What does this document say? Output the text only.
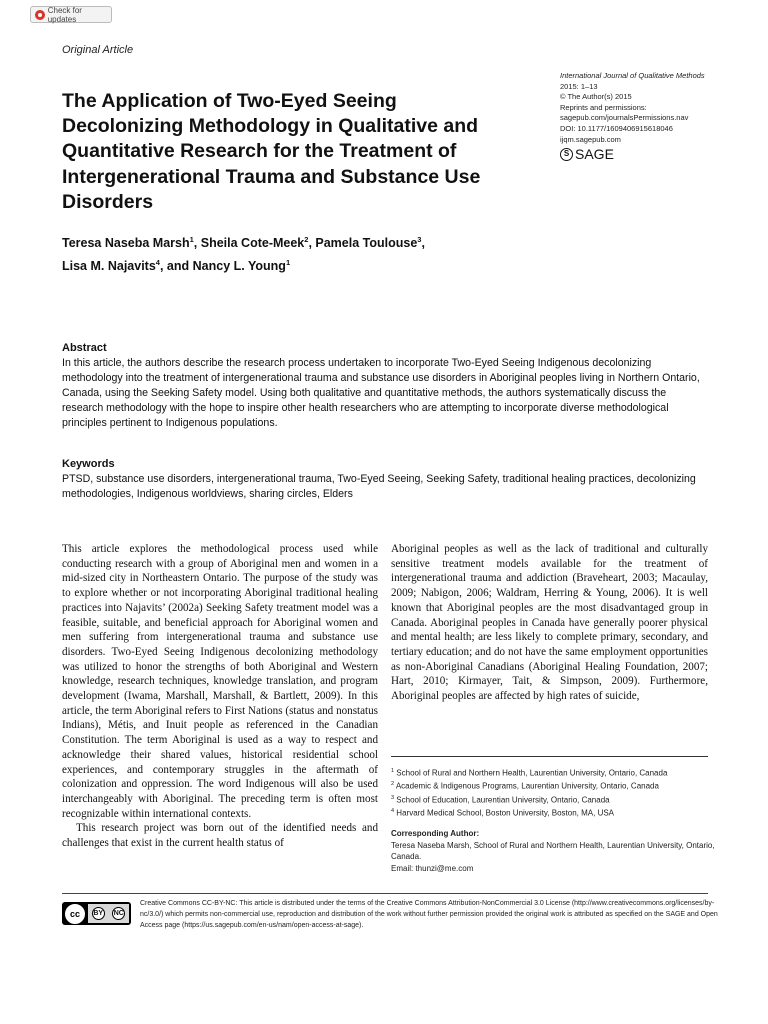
Check for updates
Original Article
International Journal of Qualitative Methods
2015: 1–13
© The Author(s) 2015
Reprints and permissions:
sagepub.com/journalsPermissions.nav
DOI: 10.1177/1609406915618046
ijqm.sagepub.com
S SAGE
The Application of Two-Eyed Seeing Decolonizing Methodology in Qualitative and Quantitative Research for the Treatment of Intergenerational Trauma and Substance Use Disorders
Teresa Naseba Marsh$^1$, Sheila Cote-Meek$^2$, Pamela Toulouse$^3$,
Lisa M. Najavits$^4$, and Nancy L. Young$^1$
Abstract
In this article, the authors describe the research process undertaken to incorporate Two-Eyed Seeing Indigenous decolonizing methodology into the treatment of intergenerational trauma and substance use disorders in Aboriginal peoples living in Northern Ontario, Canada, using the Seeking Safety model. Using both qualitative and quantitative methods, the authors systematically discuss the research methodology with the hope to inspire other health researchers who are attempting to incorporate diverse methodological principles pertinent to Indigenous populations.
Keywords
PTSD, substance use disorders, intergenerational trauma, Two-Eyed Seeing, Seeking Safety, traditional healing practices, decolonizing methodologies, Indigenous worldviews, sharing circles, Elders

This article explores the methodological process used while conducting research with a group of Aboriginal men and women in a mid-sized city in Northeastern Ontario. The purpose of the study was to explore whether or not incorporating Aboriginal traditional healing practices into Najavits’ (2002a) Seeking Safety treatment model was a feasible, suitable, and beneficial approach for Aboriginal women and men suffering from intergenerational trauma and substance use disorders. Two-Eyed Seeing Indigenous decolonizing methodology was utilized to honor the strengths of both Aboriginal and Western knowledge, research techniques, knowledge translation, and program development (Iwama, Marshall, Marshall, & Bartlett, 2009). In this article, the term Aboriginal refers to First Nations (status and nonstatus Indians), Métis, and Inuit people as referenced in the Canadian Constitution. The term Aboriginal is used as a way to respect and acknowledge their shared values, historical residential school experiences, and contemporary struggles in the aftermath of colonization and oppression. The word Indigenous will also be used interchangeably with Aboriginal. The preceding term is often most recognizable within international contexts.

This research project was born out of the identified needs and challenges that exist in the current health status of

Aboriginal peoples as well as the lack of traditional and culturally sensitive treatment models available for the treatment of intergenerational trauma and addiction (Braveheart, 2003; Macaulay, 2009; Nabigon, 2006; Waldram, Herring & Young, 2006). It is well known that Aboriginal peoples are the most disadvantaged group in Canada. Aboriginal peoples in Canada have generally poorer physical and mental health; are less likely to complete primary, secondary, and tertiary education; and do not have the same employment opportunities as non-Aboriginal Canadians (Aboriginal Healing Foundation, 2007; Hart, 2010; Kirmayer, Tait, & Simpson, 2009). Furthermore, Aboriginal peoples are affected by high rates of suicide,

$^1$ School of Rural and Northern Health, Laurentian University, Ontario, Canada
$^2$ Academic & Indigenous Programs, Laurentian University, Ontario, Canada
$^3$ School of Education, Laurentian University, Ontario, Canada
$^4$ Harvard Medical School, Boston University, Boston, MA, USA
Corresponding Author:
Teresa Naseba Marsh, School of Rural and Northern Health, Laurentian University, Ontario, Canada.
Email: thunzi@me.com
cc	BY NC
Creative Commons CC-BY-NC: This article is distributed under the terms of the Creative Commons Attribution-NonCommercial 3.0 License (http://www.creativecommons.org/licenses/by-nc/3.0/) which permits non-commercial use, reproduction and distribution of the work without further permission provided the original work is attributed as specified on the SAGE and Open Access page (https://us.sagepub.com/en-us/nam/open-access-at-sage).
